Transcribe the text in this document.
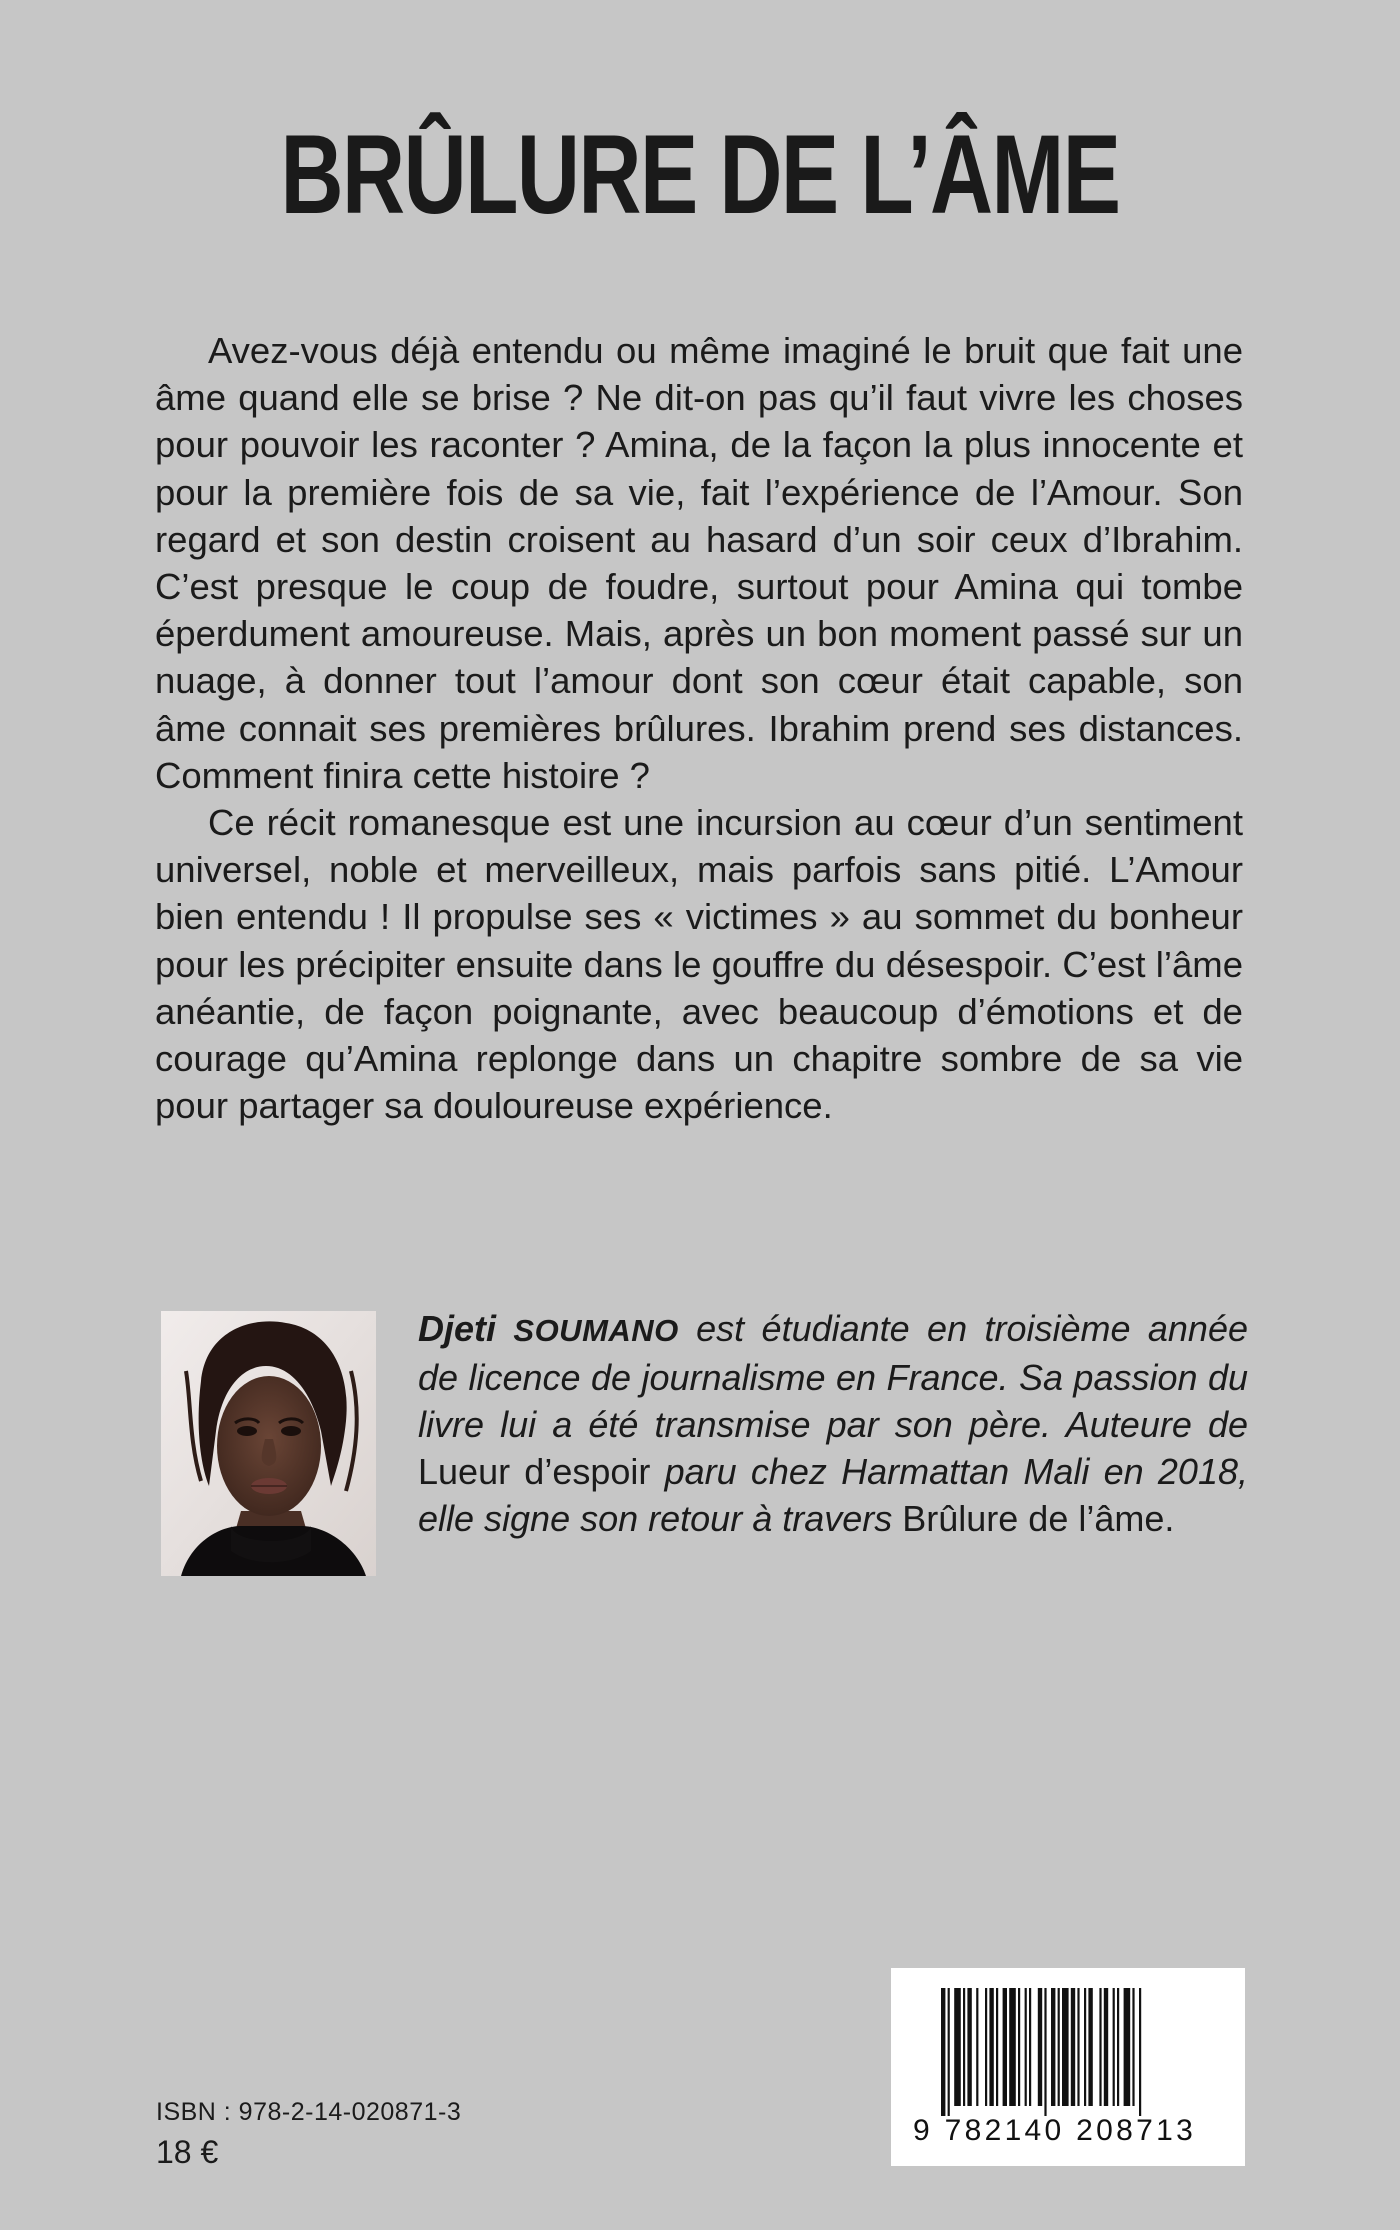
BRÛLURE DE L’ÂME

Avez-vous déjà entendu ou même imaginé le bruit que fait une âme quand elle se brise ? Ne dit-on pas qu’il faut vivre les choses pour pouvoir les raconter ? Amina, de la façon la plus innocente et pour la première fois de sa vie, fait l’expérience de l’Amour. Son regard et son destin croisent au hasard d’un soir ceux d’Ibrahim. C’est presque le coup de foudre, surtout pour Amina qui tombe éperdument amoureuse. Mais, après un bon moment passé sur un nuage, à donner tout l’amour dont son cœur était capable, son âme connait ses premières brûlures. Ibrahim prend ses distances. Comment finira cette histoire ?

Ce récit romanesque est une incursion au cœur d’un sentiment universel, noble et merveilleux, mais parfois sans pitié. L’Amour bien entendu ! Il propulse ses « victimes » au sommet du bonheur pour les précipiter ensuite dans le gouffre du désespoir. C’est l’âme anéantie, de façon poignante, avec beaucoup d’émotions et de courage qu’Amina replonge dans un chapitre sombre de sa vie pour partager sa douloureuse expérience.

Djeti SOUMANO est étudiante en troisième année de licence de journalisme en France. Sa passion du livre lui a été transmise par son père. Auteure de Lueur d’espoir paru chez Harmattan Mali en 2018, elle signe son retour à travers Brûlure de l’âme.
ISBN : 978-2-14-020871-3
18 €
9 782140 208713
